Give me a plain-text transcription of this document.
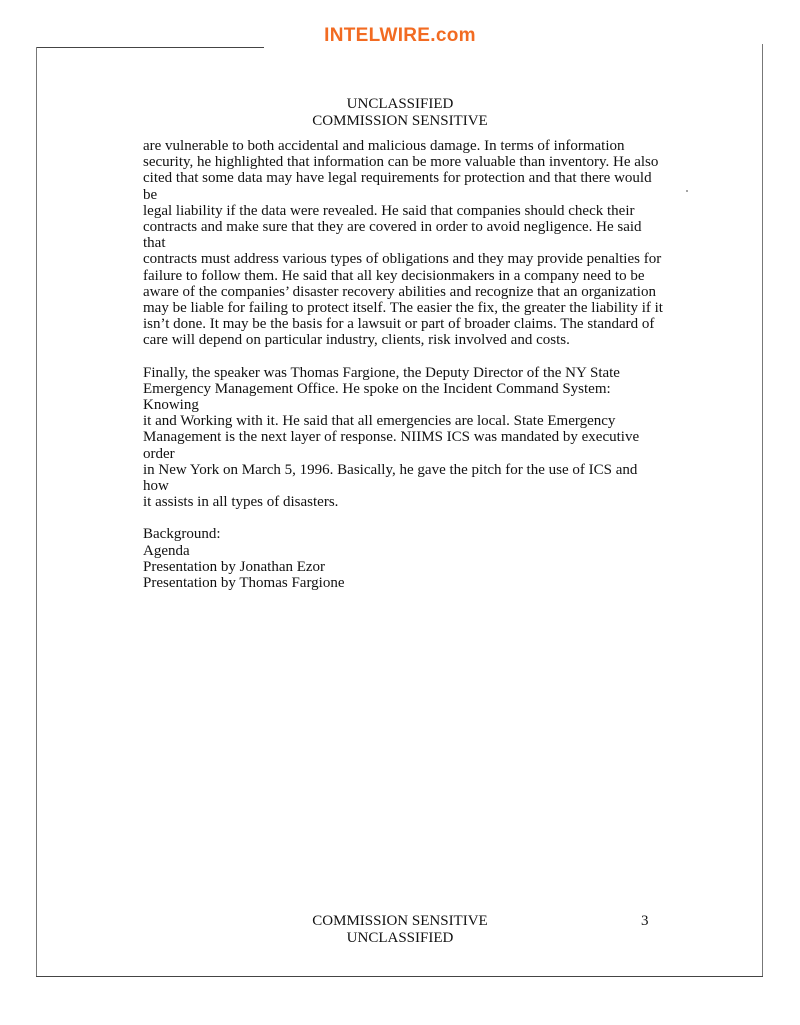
INTELWIRE.com
UNCLASSIFIED
COMMISSION SENSITIVE

are vulnerable to both accidental and malicious damage. In terms of information
security, he highlighted that information can be more valuable than inventory. He also
cited that some data may have legal requirements for protection and that there would be
legal liability if the data were revealed. He said that companies should check their
contracts and make sure that they are covered in order to avoid negligence. He said that
contracts must address various types of obligations and they may provide penalties for
failure to follow them. He said that all key decisionmakers in a company need to be
aware of the companies’ disaster recovery abilities and recognize that an organization
may be liable for failing to protect itself. The easier the fix, the greater the liability if it
isn’t done. It may be the basis for a lawsuit or part of broader claims. The standard of
care will depend on particular industry, clients, risk involved and costs.

Finally, the speaker was Thomas Fargione, the Deputy Director of the NY State
Emergency Management Office. He spoke on the Incident Command System: Knowing
it and Working with it. He said that all emergencies are local. State Emergency
Management is the next layer of response. NIIMS ICS was mandated by executive order
in New York on March 5, 1996. Basically, he gave the pitch for the use of ICS and how
it assists in all types of disasters.

Background:
Agenda
Presentation by Jonathan Ezor
Presentation by Thomas Fargione
COMMISSION SENSITIVE
UNCLASSIFIED
3
